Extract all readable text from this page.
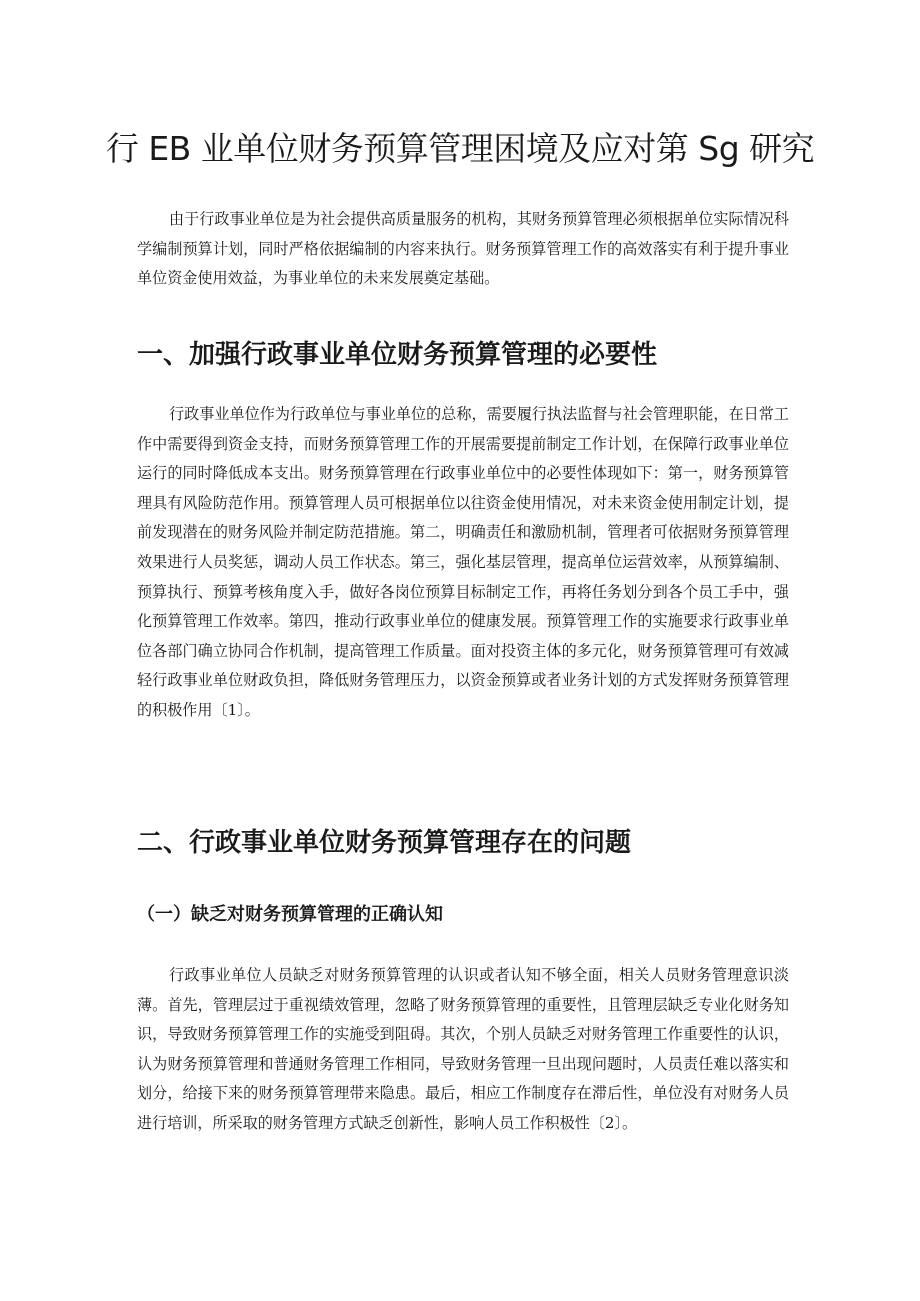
行 EB 业单位财务预算管理困境及应对第 Sg 研究

由于行政事业单位是为社会提供高质量服务的机构，其财务预算管理必须根据单位实际情况科学编制预算计划，同时严格依据编制的内容来执行。财务预算管理工作的高效落实有利于提升事业单位资金使用效益，为事业单位的未来发展奠定基础。

一、加强行政事业单位财务预算管理的必要性

行政事业单位作为行政单位与事业单位的总称，需要履行执法监督与社会管理职能，在日常工作中需要得到资金支持，而财务预算管理工作的开展需要提前制定工作计划，在保障行政事业单位运行的同时降低成本支出。财务预算管理在行政事业单位中的必要性体现如下：第一，财务预算管理具有风险防范作用。预算管理人员可根据单位以往资金使用情况，对未来资金使用制定计划，提前发现潜在的财务风险并制定防范措施。第二，明确责任和激励机制，管理者可依据财务预算管理效果进行人员奖惩，调动人员工作状态。第三，强化基层管理，提高单位运营效率，从预算编制、预算执行、预算考核角度入手，做好各岗位预算目标制定工作，再将任务划分到各个员工手中，强化预算管理工作效率。第四，推动行政事业单位的健康发展。预算管理工作的实施要求行政事业单位各部门确立协同合作机制，提高管理工作质量。面对投资主体的多元化，财务预算管理可有效减轻行政事业单位财政负担，降低财务管理压力，以资金预算或者业务计划的方式发挥财务预算管理的积极作用〔1〕。

二、行政事业单位财务预算管理存在的问题
（一）缺乏对财务预算管理的正确认知

行政事业单位人员缺乏对财务预算管理的认识或者认知不够全面，相关人员财务管理意识淡薄。首先，管理层过于重视绩效管理，忽略了财务预算管理的重要性，且管理层缺乏专业化财务知识，导致财务预算管理工作的实施受到阻碍。其次，个别人员缺乏对财务管理工作重要性的认识，认为财务预算管理和普通财务管理工作相同，导致财务管理一旦出现问题时，人员责任难以落实和划分，给接下来的财务预算管理带来隐患。最后，相应工作制度存在滞后性，单位没有对财务人员进行培训，所采取的财务管理方式缺乏创新性，影响人员工作积极性〔2〕。
